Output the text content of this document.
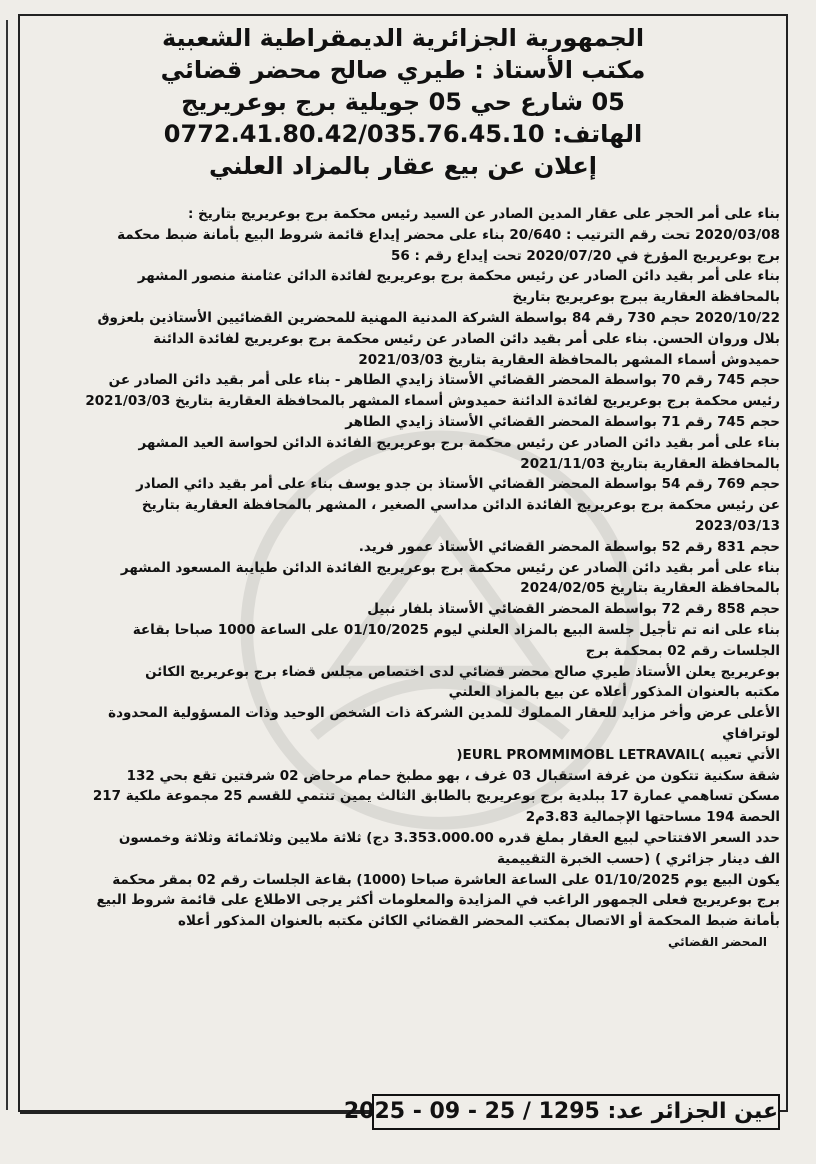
الجمهورية الجزائرية الديمقراطية الشعبية
مكتب الأستاذ : طيري صالح محضر قضائي
05 شارع حي 05 جويلية برج بوعريريج
الهاتف: 0772.41.80.42/035.76.45.10
إعلان عن بيع عقار بالمزاد العلني
بناء على أمر الحجر على عقار المدين الصادر عن السيد رئيس محكمة برج بوعريريج بتاريخ :
2020/03/08 تحت رقم الترتيب : 20/640 بناء على محضر إيداع قائمة شروط البيع بأمانة ضبط محكمة
برج بوعريريج المؤرخ في 2020/07/20 تحت إيداع رقم : 56
بناء على أمر بقيد دائن الصادر عن رئيس محكمة برج بوعريريج لفائدة الدائن عثامنة منصور المشهر
بالمحافظة العقارية ببرج بوعريريج بتاريخ
2020/10/22 حجم 730 رقم 84 بواسطة الشركة المدنية المهنية للمحضرين القضائيين الأستاذين بلعزوق
بلال وروان الحسن. بناء على أمر بقيد دائن الصادر عن رئيس محكمة برج بوعريريج لفائدة الدائنة
حميدوش أسماء المشهر بالمحافظة العقارية بتاريخ 2021/03/03
حجم 745 رقم 70 بواسطة المحضر القضائي الأستاذ زايدي الطاهر - بناء على أمر بقيد دائن الصادر عن
رئيس محكمة برج بوعريريج لفائدة الدائنة حميدوش أسماء المشهر بالمحافظة العقارية بتاريخ 2021/03/03
حجم 745 رقم 71 بواسطة المحضر القضائي الأستاذ زايدي الطاهر
بناء على أمر بقيد دائن الصادر عن رئيس محكمة برج بوعريريج الفائدة الدائن لحواسة العيد المشهر
بالمحافظة العقارية بتاريخ 2021/11/03
حجم 769 رقم 54 بواسطة المحضر القضائي الأستاذ بن جدو يوسف بناء على أمر بقيد دائي الصادر
عن رئيس محكمة برج بوعريريج الفائدة الدائن مداسي الصغير ، المشهر بالمحافظة العقارية بتاريخ
2023/03/13
حجم 831 رقم 52 بواسطة المحضر القضائي الأستاذ عمور فريد.
بناء على أمر بقيد دائن الصادر عن رئيس محكمة برج بوعريريج الفائدة الدائن طيايبة المسعود المشهر
بالمحافظة العقارية بتاريخ 2024/02/05
حجم 858 رقم 72 بواسطة المحضر القضائي الأستاذ بلفار نبيل
بناء على انه تم تأجيل جلسة البيع بالمزاد العلني ليوم 01/10/2025 على الساعة 1000 صباحا بقاعة
الجلسات رقم 02 بمحكمة برج
بوعريريج يعلن الأستاذ طيري صالح محضر قضائي لدى اختصاص مجلس قضاء برج بوعريريج الكائن
مكتبه بالعنوان المذكور أعلاه عن بيع بالمزاد العلني
الأعلى عرض وأخر مزايد للعقار المملوك للمدين الشركة ذات الشخص الوحيد وذات المسؤولية المحدودة
لوترافاي
الأتي تعيبه )EURL PROMMIMOBL LETRAVAIL(
شقة سكنية تتكون من غرفة استقبال 03 غرف ، بهو مطبخ حمام مرحاض 02 شرفتين تقع بحي 132
مسكن تساهمي عمارة 17 ببلدية برج بوعريريج بالطابق الثالث يمين تنتمي للقسم 25 مجموعة ملكية 217
الحصة 194 مساحتها الإجمالية 3.83م2
حدد السعر الافتتاحي لبيع العقار بملغ قدره 3.353.000.00 دج) ثلاثة ملايين وثلاثمائة وثلاثة وخمسون
الف دينار جزائري ) (حسب الخبرة التقييمية
يكون البيع يوم 01/10/2025 على الساعة العاشرة صباحا (1000) بقاعة الجلسات رقم 02 بمقر محكمة
برج بوعريريج فعلى الجمهور الراغب في المزايدة والمعلومات أكثر يرجى الاطلاع على قائمة شروط البيع
بأمانة ضبط المحكمة أو الاتصال بمكتب المحضر القضائي الكائن مكتبه بالعنوان المذكور أعلاه
المحضر القضائي
عين الجزائر عد: 1295 / 25 - 09 - 2025
